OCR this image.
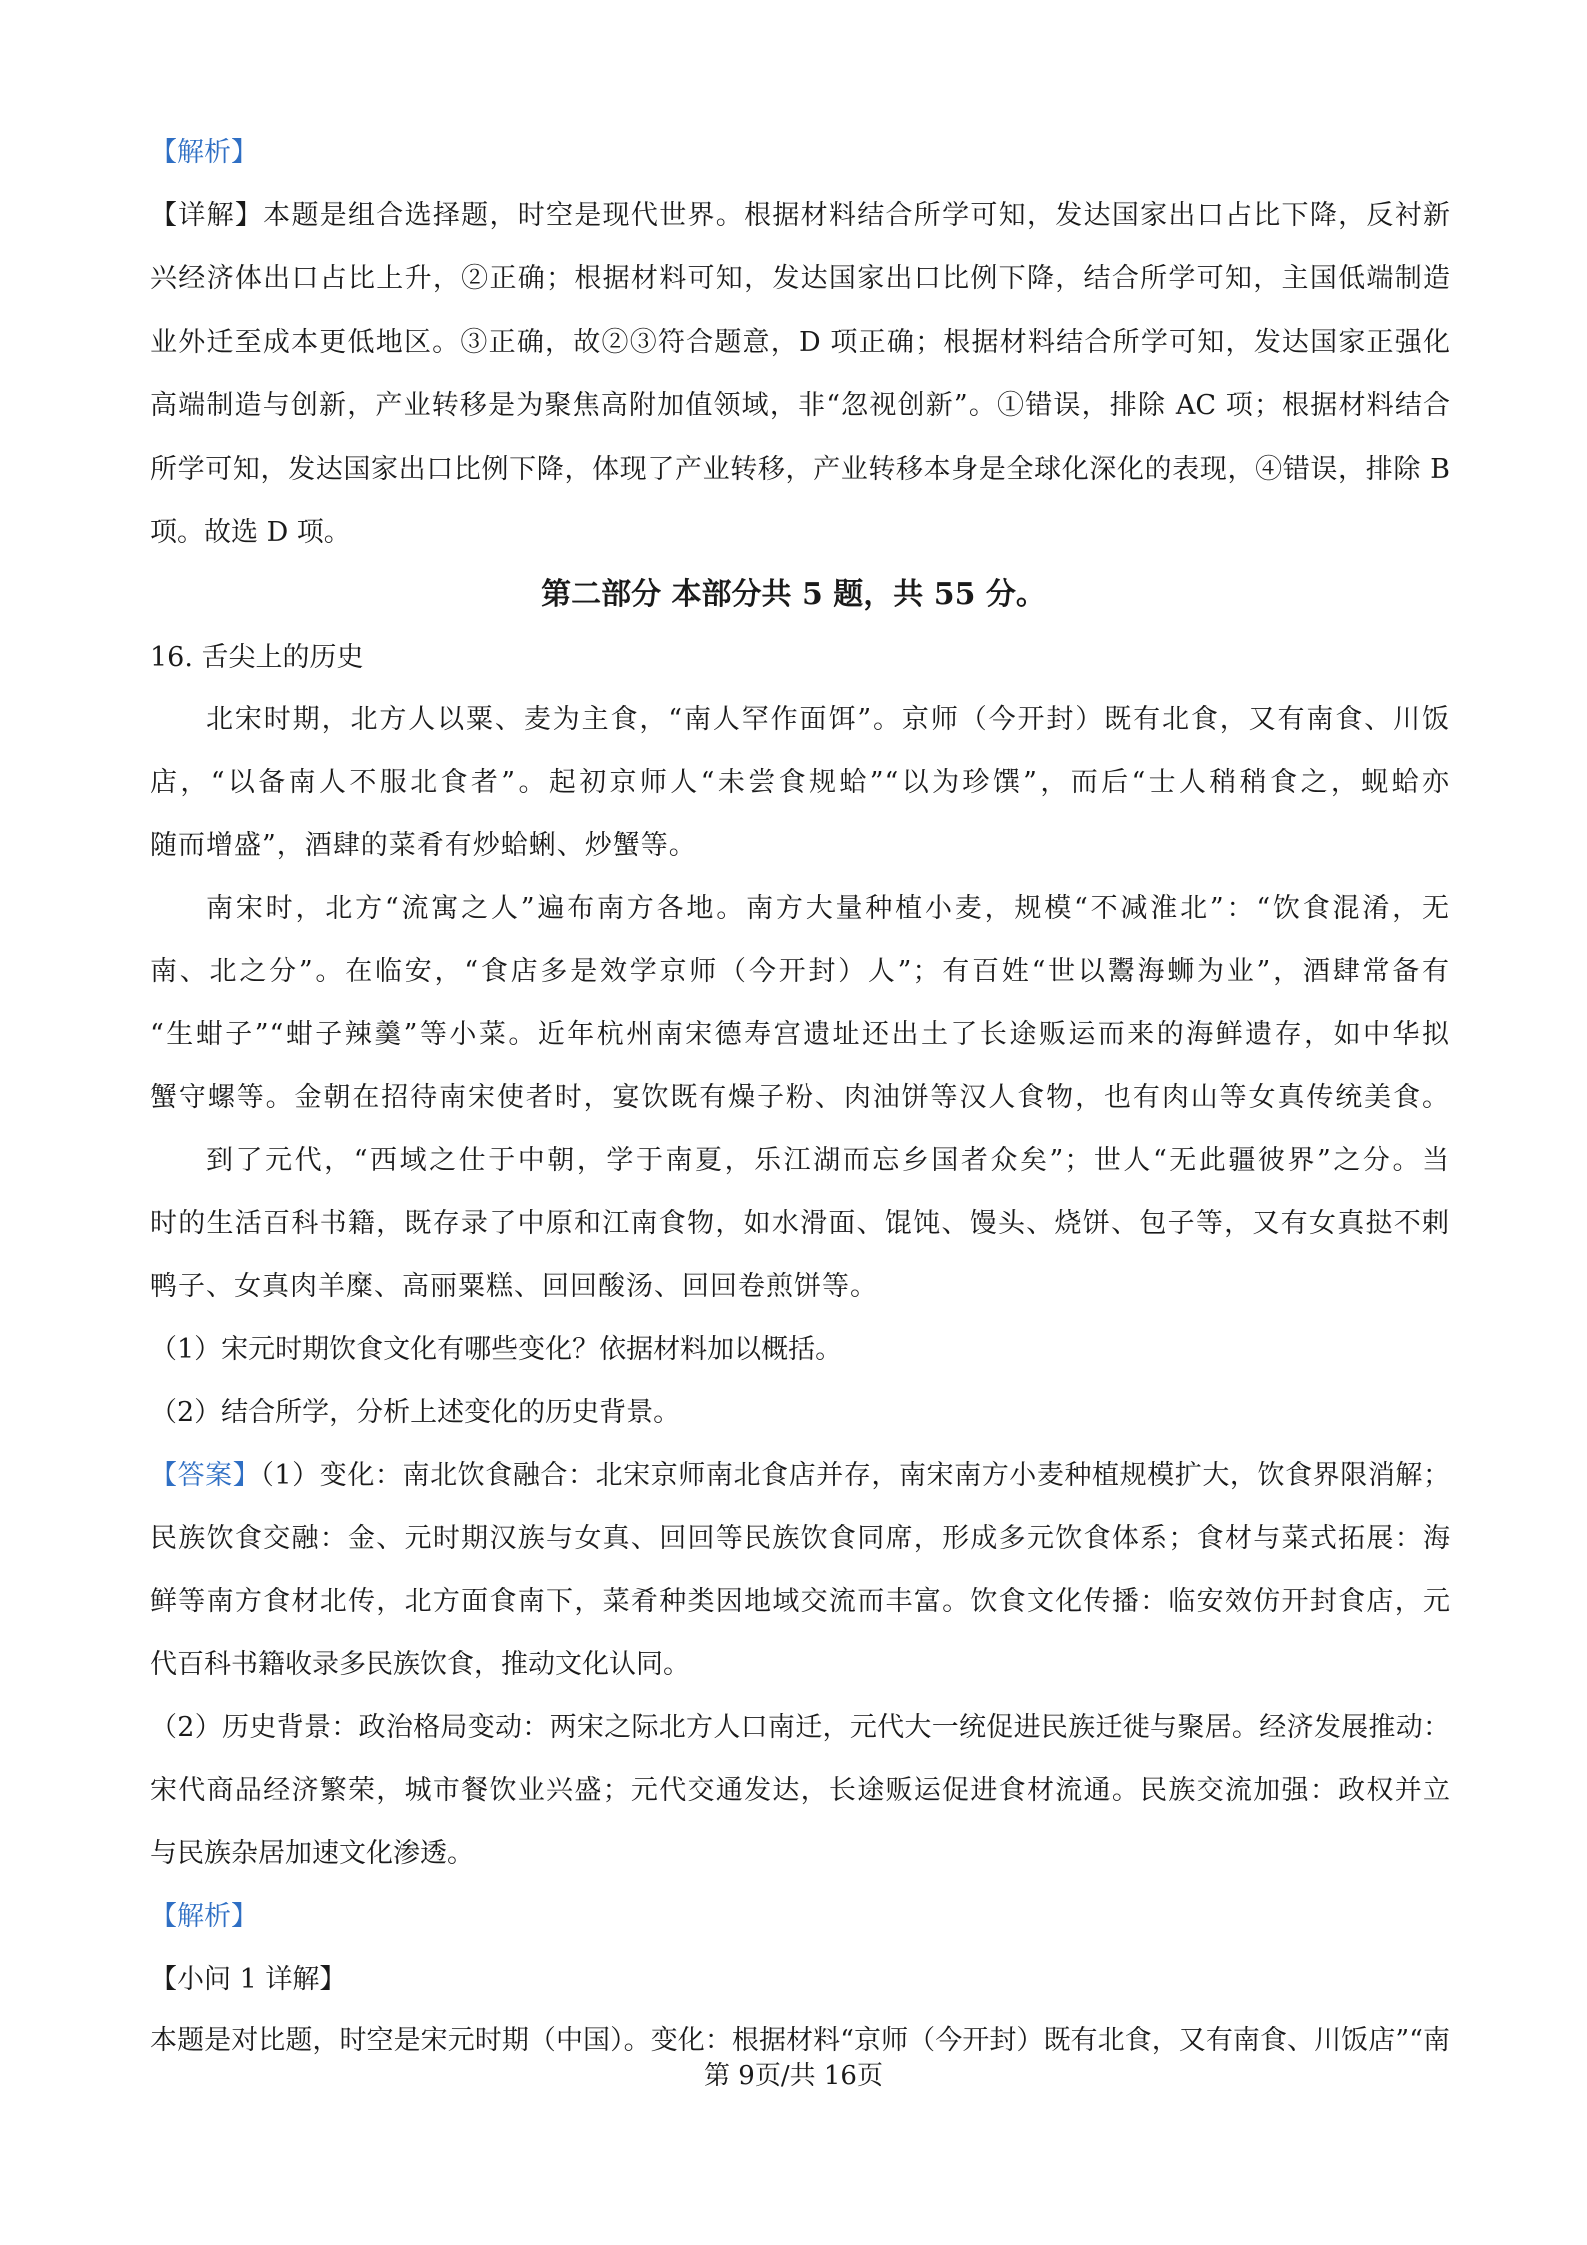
【解析】

【详解】本题是组合选择题，时空是现代世界。根据材料结合所学可知，发达国家出口占比下降，反衬新

兴经济体出口占比上升，②正确；根据材料可知，发达国家出口比例下降，结合所学可知，主国低端制造

业外迁至成本更低地区。③正确，故②③符合题意，D 项正确；根据材料结合所学可知，发达国家正强化

高端制造与创新，产业转移是为聚焦高附加值领域，非“忽视创新”。①错误，排除 AC 项；根据材料结合

所学可知，发达国家出口比例下降，体现了产业转移，产业转移本身是全球化深化的表现，④错误，排除 B

项。故选 D 项。

第二部分 本部分共 5 题，共 55 分。

16. 舌尖上的历史

北宋时期，北方人以粟、麦为主食，“南人罕作面饵”。京师（今开封）既有北食，又有南食、川饭

店，“以备南人不服北食者”。起初京师人“未尝食规蛤”“以为珍馔”，而后“士人稍稍食之，蚬蛤亦

随而增盛”，酒肆的菜肴有炒蛤蜊、炒蟹等。

南宋时，北方“流寓之人”遍布南方各地。南方大量种植小麦，规模“不减淮北”：“饮食混淆，无

南、北之分”。在临安，“食店多是效学京师（今开封）人”；有百姓“世以鬻海蛳为业”，酒肆常备有

“生蚶子”“蚶子辣羹”等小菜。近年杭州南宋德寿宫遗址还出土了长途贩运而来的海鲜遗存，如中华拟

蟹守螺等。金朝在招待南宋使者时，宴饮既有燥子粉、肉油饼等汉人食物，也有肉山等女真传统美食。

到了元代，“西域之仕于中朝，学于南夏，乐江湖而忘乡国者众矣”；世人“无此疆彼界”之分。当

时的生活百科书籍，既存录了中原和江南食物，如水滑面、馄饨、馒头、烧饼、包子等，又有女真挞不剌

鸭子、女真肉羊糜、高丽粟糕、回回酸汤、回回卷煎饼等。

（1）宋元时期饮食文化有哪些变化？依据材料加以概括。

（2）结合所学，分析上述变化的历史背景。

【答案】（1）变化：南北饮食融合：北宋京师南北食店并存，南宋南方小麦种植规模扩大，饮食界限消解；

民族饮食交融：金、元时期汉族与女真、回回等民族饮食同席，形成多元饮食体系；食材与菜式拓展：海

鲜等南方食材北传，北方面食南下，菜肴种类因地域交流而丰富。饮食文化传播：临安效仿开封食店，元

代百科书籍收录多民族饮食，推动文化认同。

（2）历史背景：政治格局变动：两宋之际北方人口南迁，元代大一统促进民族迁徙与聚居。经济发展推动：

宋代商品经济繁荣，城市餐饮业兴盛；元代交通发达，长途贩运促进食材流通。民族交流加强：政权并立

与民族杂居加速文化渗透。

【解析】

【小问 1 详解】

本题是对比题，时空是宋元时期（中国）。变化：根据材料“京师（今开封）既有北食，又有南食、川饭店”“南

第 9页/共 16页
